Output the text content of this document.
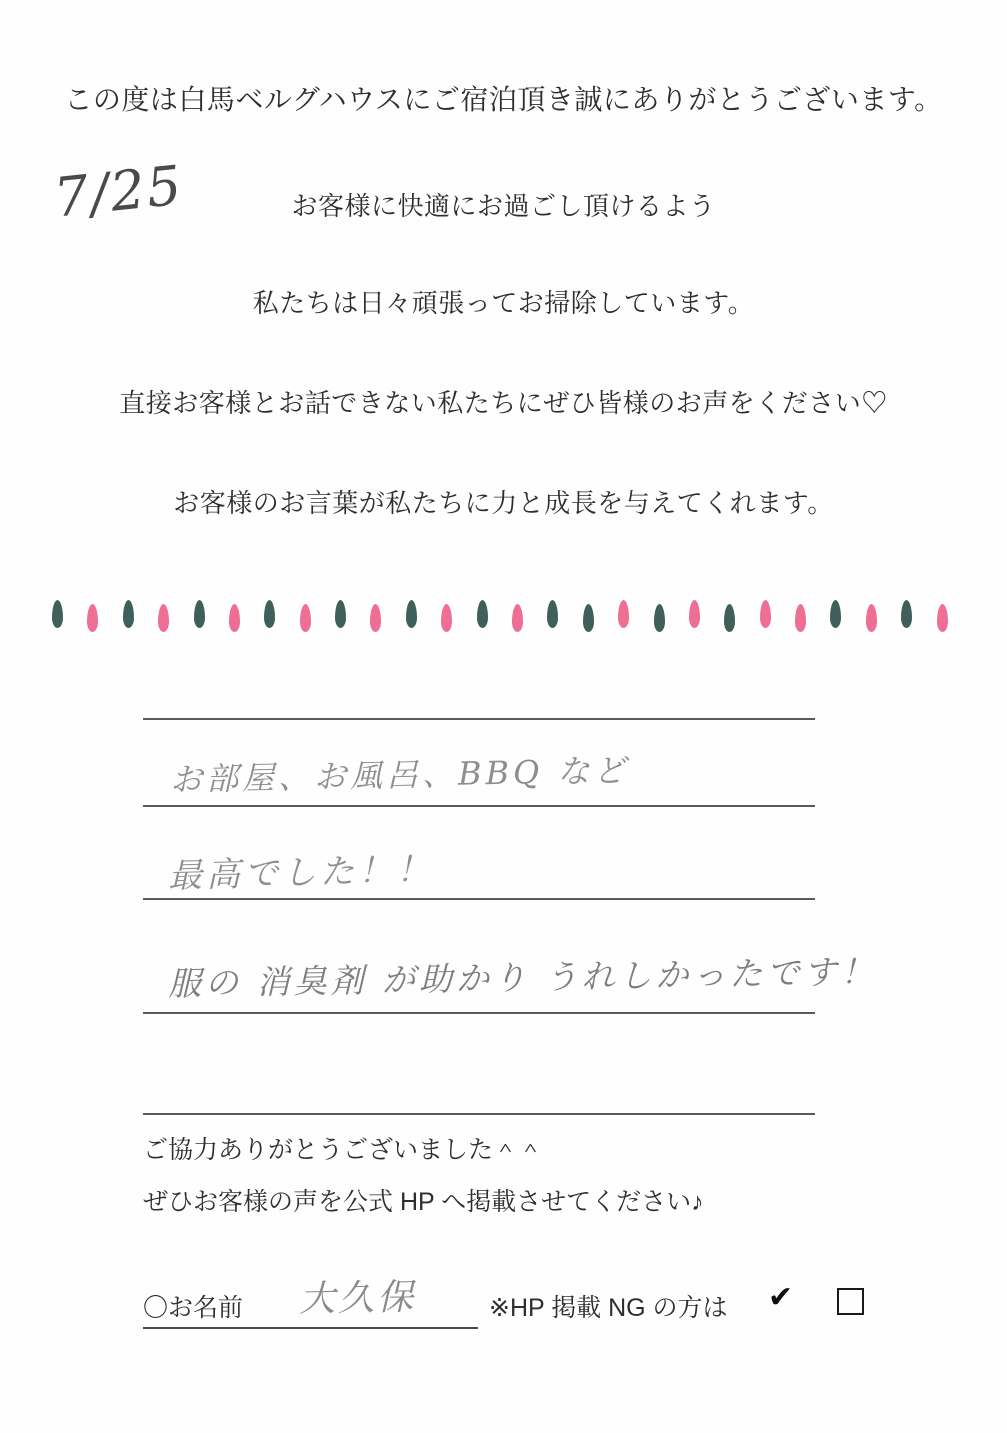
この度は白馬ベルグハウスにご宿泊頂き誠にありがとうございます。
お客様に快適にお過ごし頂けるよう
私たちは日々頑張ってお掃除しています。
直接お客様とお話できない私たちにぜひ皆様のお声をください♡
お客様のお言葉が私たちに力と成長を与えてくれます。
7/25
お部屋、お風呂、BBQ など
最高でした！！
服の 消臭剤 が助かり うれしかったです！
ご協力ありがとうございました＾＾
ぜひお客様の声を公式 HP へ掲載させてください♪
〇お名前 大久保	※HP 掲載 NG の方は ✔
